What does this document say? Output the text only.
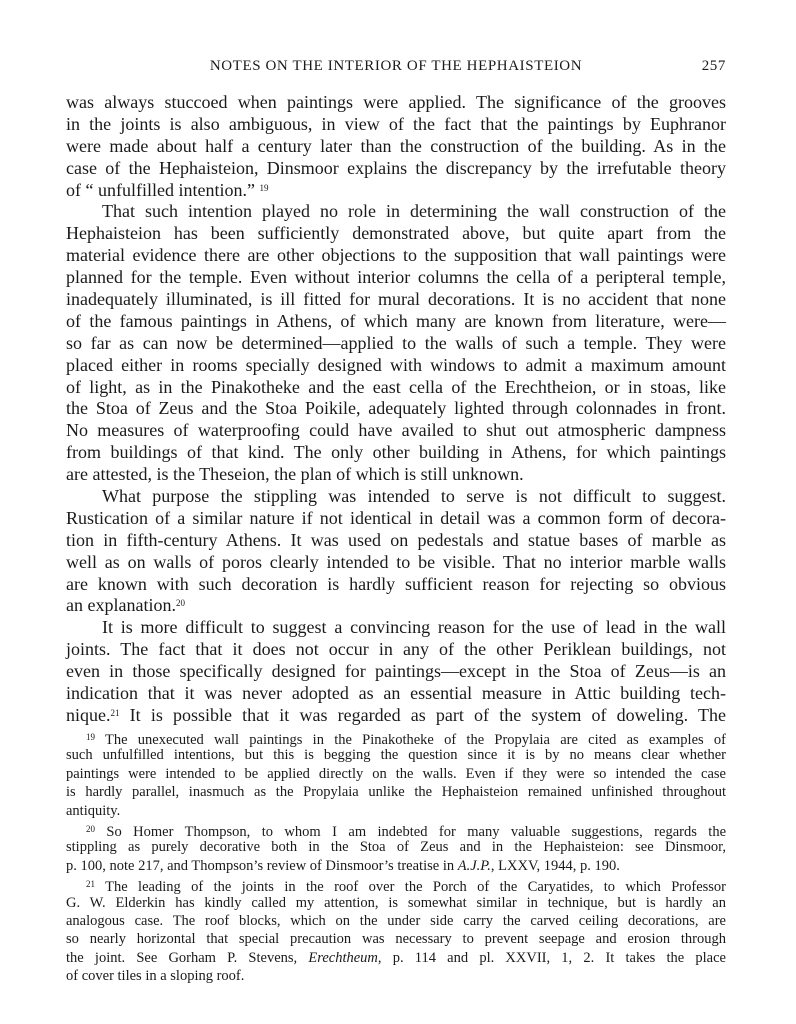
NOTES ON THE INTERIOR OF THE HEPHAISTEION	257
was always stuccoed when paintings were applied. The significance of the grooves
in the joints is also ambiguous, in view of the fact that the paintings by Euphranor
were made about half a century later than the construction of the building. As in the
case of the Hephaisteion, Dinsmoor explains the discrepancy by the irrefutable theory
of “ unfulfilled intention.” $^{19}$
That such intention played no role in determining the wall construction of the
Hephaisteion has been sufficiently demonstrated above, but quite apart from the
material evidence there are other objections to the supposition that wall paintings were
planned for the temple. Even without interior columns the cella of a peripteral temple,
inadequately illuminated, is ill fitted for mural decorations. It is no accident that none
of the famous paintings in Athens, of which many are known from literature, were—
so far as can now be determined—applied to the walls of such a temple. They were
placed either in rooms specially designed with windows to admit a maximum amount
of light, as in the Pinakotheke and the east cella of the Erechtheion, or in stoas, like
the Stoa of Zeus and the Stoa Poikile, adequately lighted through colonnades in front.
No measures of waterproofing could have availed to shut out atmospheric dampness
from buildings of that kind. The only other building in Athens, for which paintings
are attested, is the Theseion, the plan of which is still unknown.
What purpose the stippling was intended to serve is not difficult to suggest.
Rustication of a similar nature if not identical in detail was a common form of decora-
tion in fifth-century Athens. It was used on pedestals and statue bases of marble as
well as on walls of poros clearly intended to be visible. That no interior marble walls
are known with such decoration is hardly sufficient reason for rejecting so obvious
an explanation.$^{20}$
It is more difficult to suggest a convincing reason for the use of lead in the wall
joints. The fact that it does not occur in any of the other Periklean buildings, not
even in those specifically designed for paintings—except in the Stoa of Zeus—is an
indication that it was never adopted as an essential measure in Attic building tech-
nique.$^{21}$ It is possible that it was regarded as part of the system of doweling. The
$^{19}$ The unexecuted wall paintings in the Pinakotheke of the Propylaia are cited as examples of
such unfulfilled intentions, but this is begging the question since it is by no means clear whether
paintings were intended to be applied directly on the walls. Even if they were so intended the case
is hardly parallel, inasmuch as the Propylaia unlike the Hephaisteion remained unfinished throughout
antiquity.
$^{20}$ So Homer Thompson, to whom I am indebted for many valuable suggestions, regards the
stippling as purely decorative both in the Stoa of Zeus and in the Hephaisteion: see Dinsmoor,
p. 100, note 217, and Thompson’s review of Dinsmoor’s treatise in A.J.P., LXXV, 1944, p. 190.
$^{21}$ The leading of the joints in the roof over the Porch of the Caryatides, to which Professor
G. W. Elderkin has kindly called my attention, is somewhat similar in technique, but is hardly an
analogous case. The roof blocks, which on the under side carry the carved ceiling decorations, are
so nearly horizontal that special precaution was necessary to prevent seepage and erosion through
the joint. See Gorham P. Stevens, Erechtheum, p. 114 and pl. XXVII, 1, 2. It takes the place
of cover tiles in a sloping roof.
